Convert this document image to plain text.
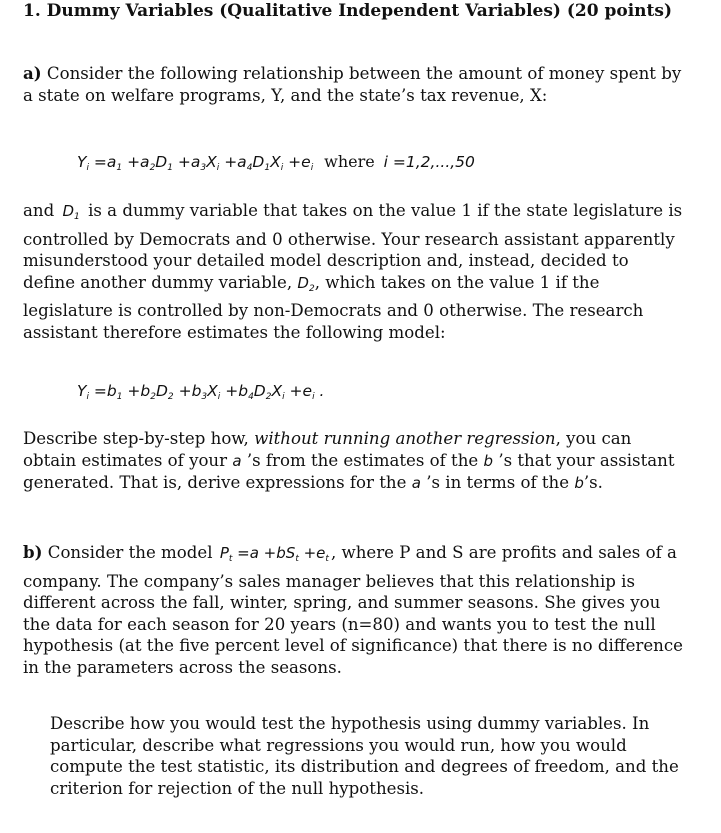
1. Dummy Variables (Qualitative Independent Variables) (20 points)
a) Consider the following relationship between the amount of money spent by a state on welfare programs, Y, and the state’s tax revenue, X:
$Y_i =a_1 +a_2D_1 +a_3X_i +a_4D_1X_i +e_i$ where i =1,2,...,50
and $D_1$ is a dummy variable that takes on the value 1 if the state legislature is controlled by Democrats and 0 otherwise. Your research assistant apparently misunderstood your detailed model description and, instead, decided to define another dummy variable, $D_2$, which takes on the value 1 if the legislature is controlled by non-Democrats and 0 otherwise. The research assistant therefore estimates the following model:
$Y_i =b_1 +b_2D_2 +b_3X_i +b_4D_2X_i +e_i$ .
Describe step-by-step how, without running another regression, you can obtain estimates of your a ’s from the estimates of the b ’s that your assistant generated. That is, derive expressions for the a ’s in terms of the b’s.
b) Consider the model $P_t =a +bS_t +e_t$ , where P and S are profits and sales of a company. The company’s sales manager believes that this relationship is different across the fall, winter, spring, and summer seasons. She gives you the data for each season for 20 years (n=80) and wants you to test the null hypothesis (at the five percent level of significance) that there is no difference in the parameters across the seasons.
Describe how you would test the hypothesis using dummy variables. In particular, describe what regressions you would run, how you would compute the test statistic, its distribution and degrees of freedom, and the criterion for rejection of the null hypothesis.
